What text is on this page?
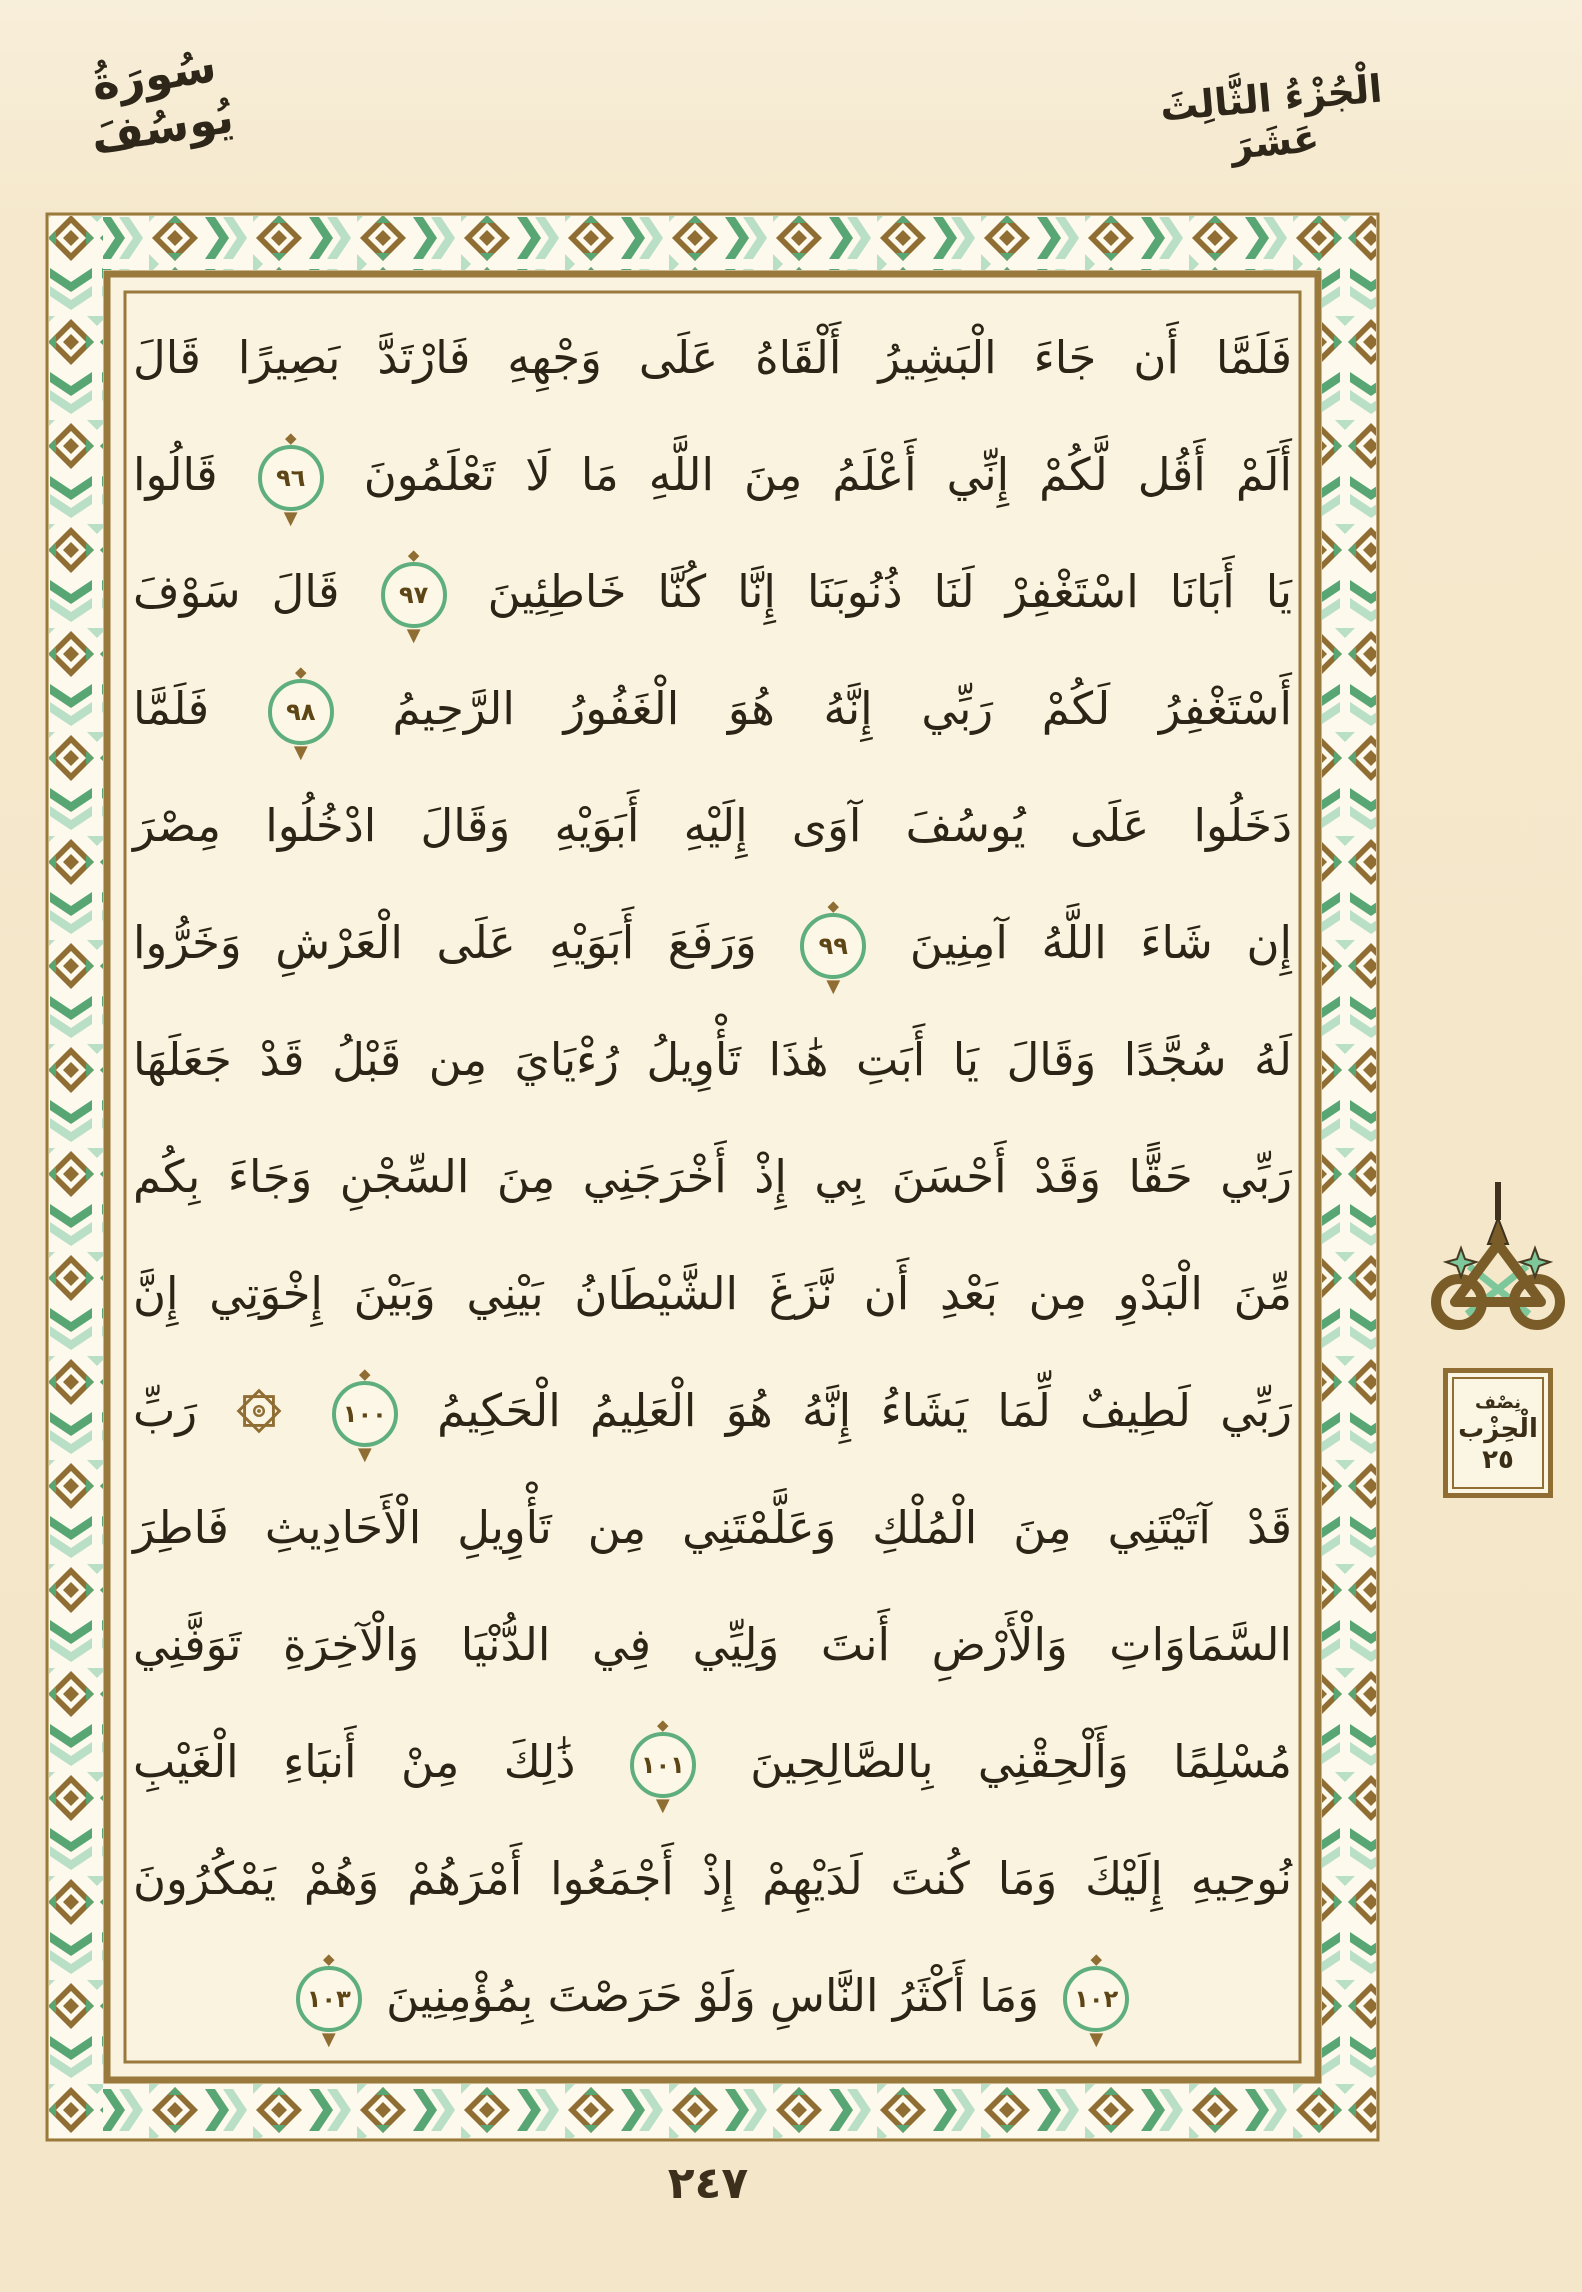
سُورَةُ يُوسُفَ	الْجُزْءُ الثَّالِثَ عَشَرَ
فَلَمَّا أَن جَاءَ الْبَشِيرُ أَلْقَاهُ عَلَى وَجْهِهِ فَارْتَدَّ بَصِيرًا قَالَ
أَلَمْ أَقُل لَّكُمْ إِنِّي أَعْلَمُ مِنَ اللَّهِ مَا لَا تَعْلَمُونَ ◆ ٩٦ ▼ قَالُوا
يَا أَبَانَا اسْتَغْفِرْ لَنَا ذُنُوبَنَا إِنَّا كُنَّا خَاطِئِينَ ◆ ٩٧ ▼ قَالَ سَوْفَ
أَسْتَغْفِرُ لَكُمْ رَبِّي إِنَّهُ هُوَ الْغَفُورُ الرَّحِيمُ ◆ ٩٨ ▼ فَلَمَّا
دَخَلُوا عَلَى يُوسُفَ آوَى إِلَيْهِ أَبَوَيْهِ وَقَالَ ادْخُلُوا مِصْرَ
إِن شَاءَ اللَّهُ آمِنِينَ ◆ ٩٩ ▼ وَرَفَعَ أَبَوَيْهِ عَلَى الْعَرْشِ وَخَرُّوا
لَهُ سُجَّدًا وَقَالَ يَا أَبَتِ هَٰذَا تَأْوِيلُ رُءْيَايَ مِن قَبْلُ قَدْ جَعَلَهَا
رَبِّي حَقًّا وَقَدْ أَحْسَنَ بِي إِذْ أَخْرَجَنِي مِنَ السِّجْنِ وَجَاءَ بِكُم
مِّنَ الْبَدْوِ مِن بَعْدِ أَن نَّزَغَ الشَّيْطَانُ بَيْنِي وَبَيْنَ إِخْوَتِي إِنَّ
رَبِّي لَطِيفٌ لِّمَا يَشَاءُ إِنَّهُ هُوَ الْعَلِيمُ الْحَكِيمُ ◆ ١٠٠ ▼  رَبِّ
قَدْ آتَيْتَنِي مِنَ الْمُلْكِ وَعَلَّمْتَنِي مِن تَأْوِيلِ الْأَحَادِيثِ فَاطِرَ
السَّمَاوَاتِ وَالْأَرْضِ أَنتَ وَلِيِّي فِي الدُّنْيَا وَالْآخِرَةِ تَوَفَّنِي
مُسْلِمًا وَأَلْحِقْنِي بِالصَّالِحِينَ ◆ ١٠١ ▼ ذَٰلِكَ مِنْ أَنبَاءِ الْغَيْبِ
نُوحِيهِ إِلَيْكَ وَمَا كُنتَ لَدَيْهِمْ إِذْ أَجْمَعُوا أَمْرَهُمْ وَهُمْ يَمْكُرُونَ
◆ ١٠٢ ▼ وَمَا أَكْثَرُ النَّاسِ وَلَوْ حَرَصْتَ بِمُؤْمِنِينَ ◆ ١٠٣ ▼
نِصْف
الْحِزْب
٢٥
٢٤٧
